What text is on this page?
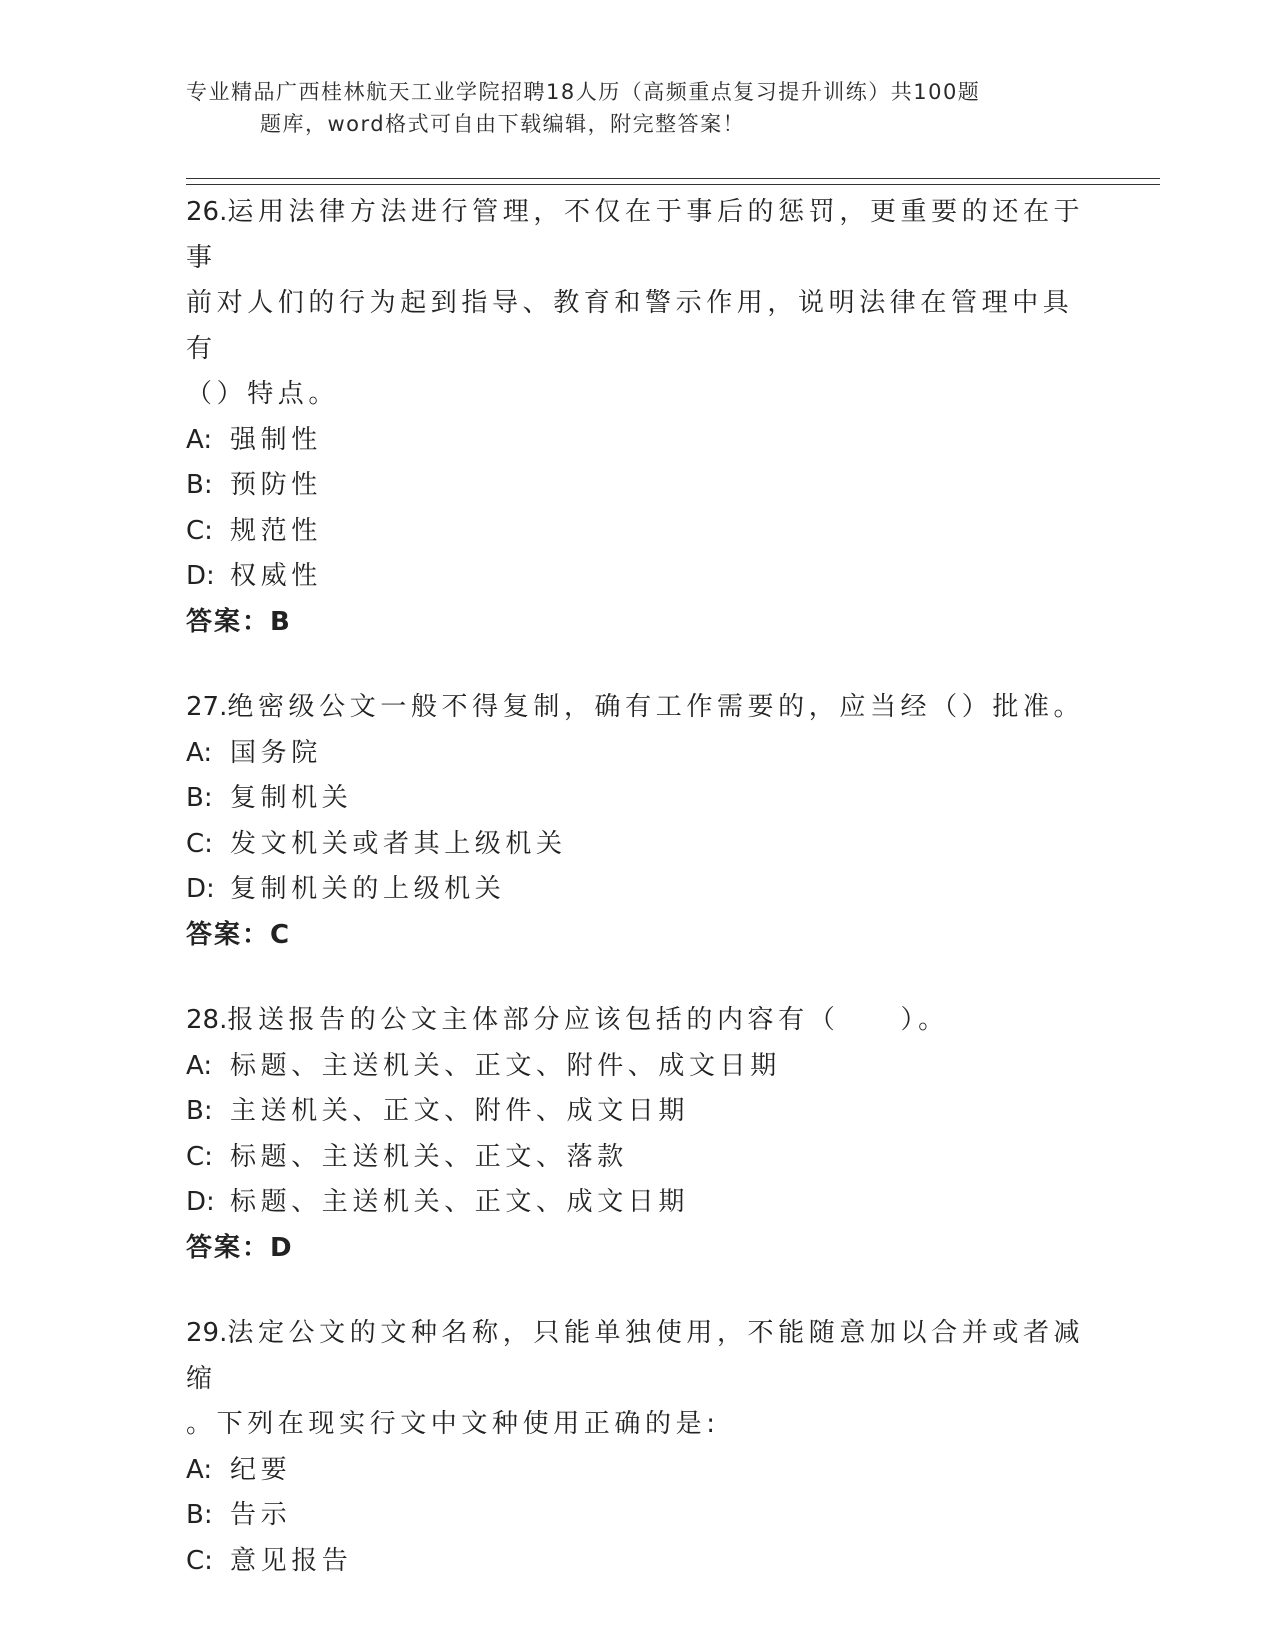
专业精品广西桂林航天工业学院招聘18人历（高频重点复习提升训练）共100题
题库，word格式可自由下载编辑，附完整答案！
26.运用法律方法进行管理，不仅在于事后的惩罚，更重要的还在于事
前对人们的行为起到指导、教育和警示作用，说明法律在管理中具有
（）特点。
A: 强制性
B: 预防性
C: 规范性
D: 权威性
答案：B
27.绝密级公文一般不得复制，确有工作需要的，应当经（）批准。
A: 国务院
B: 复制机关
C: 发文机关或者其上级机关
D: 复制机关的上级机关
答案：C
28.报送报告的公文主体部分应该包括的内容有（　　）。
A: 标题、主送机关、正文、附件、成文日期
B: 主送机关、正文、附件、成文日期
C: 标题、主送机关、正文、落款
D: 标题、主送机关、正文、成文日期
答案：D
29.法定公文的文种名称，只能单独使用，不能随意加以合并或者减缩
。下列在现实行文中文种使用正确的是:
A: 纪要
B: 告示
C: 意见报告
